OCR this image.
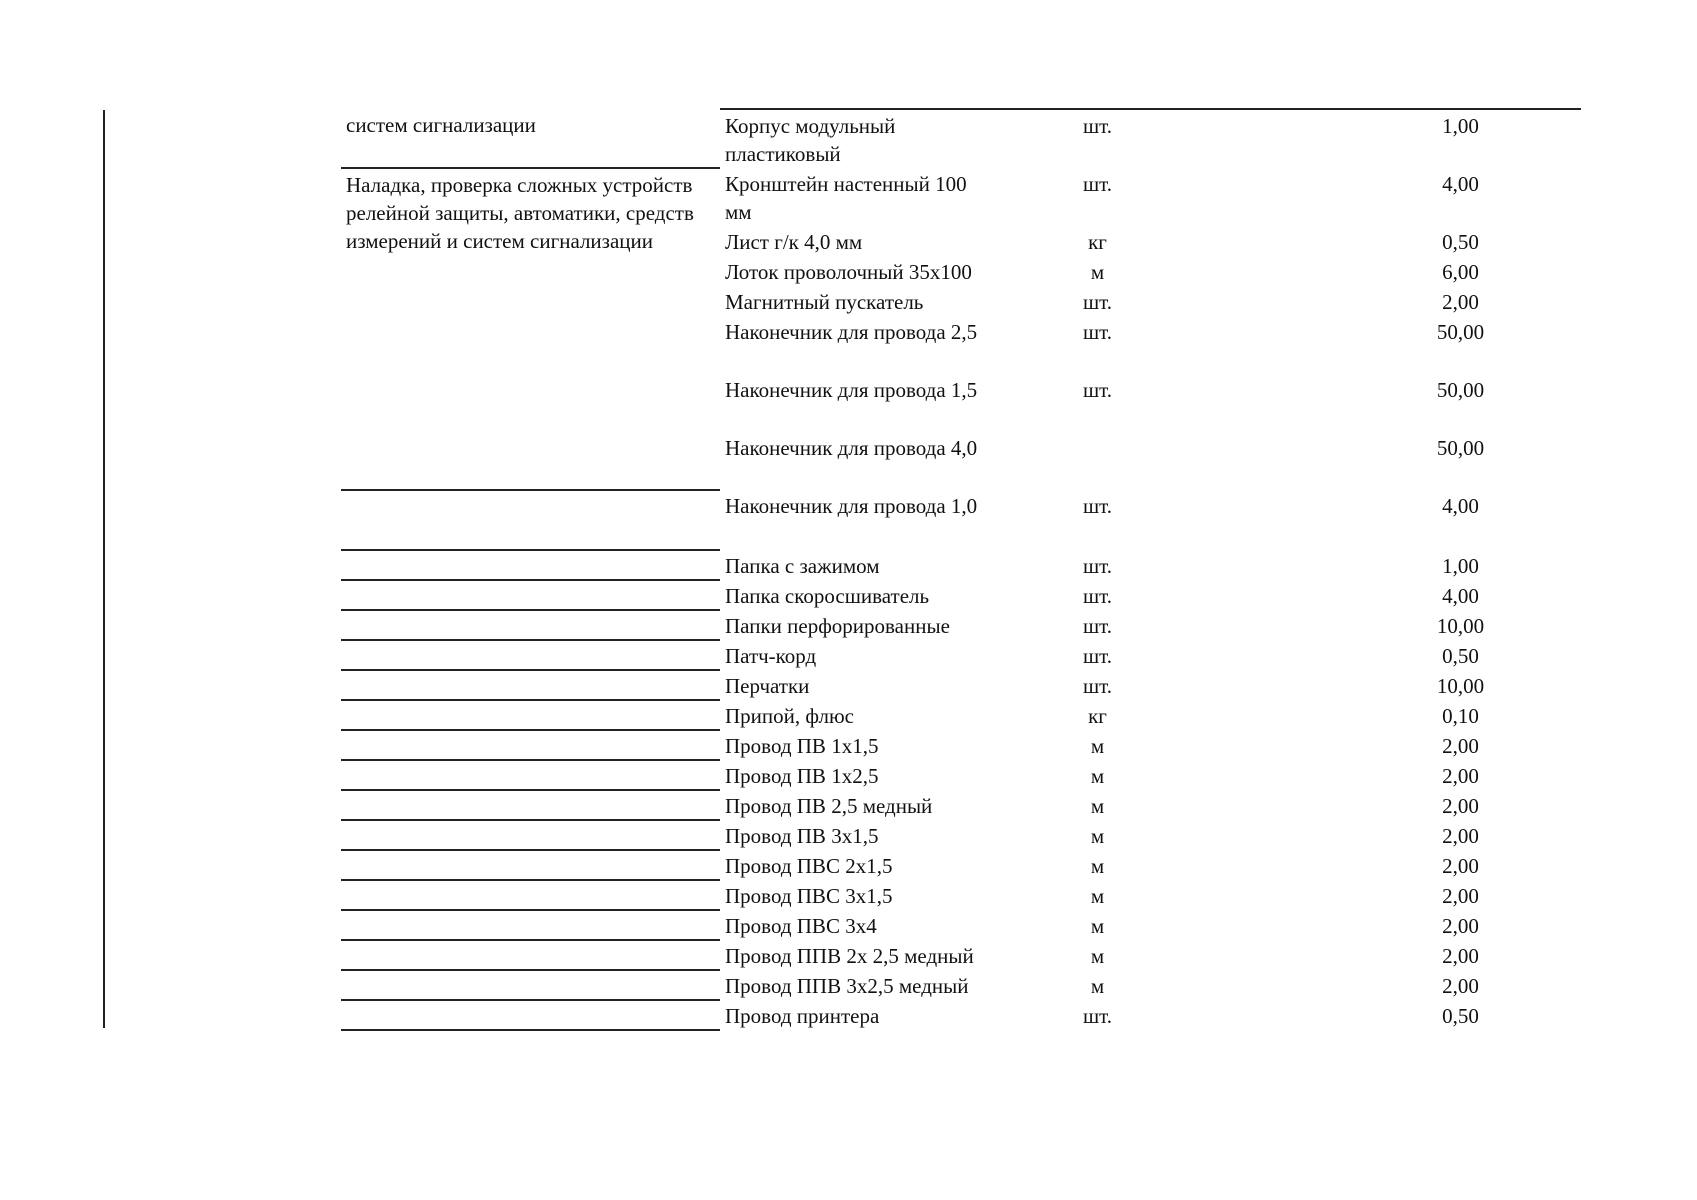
систем сигнализации	Корпус модульный пластиковый	шт.		1,00
Наладка, проверка сложных устройств релейной защиты, автоматики, средств измерений и систем сигнализации	Кронштейн настенный 100 мм	шт.		4,00
	Лист г/к 4,0 мм	кг		0,50
	Лоток проволочный 35х100	м		6,00
	Магнитный пускатель	шт.		2,00
	Наконечник для провода 2,5	шт.		50,00
	Наконечник для провода 1,5	шт.		50,00
	Наконечник для провода 4,0			50,00
	Наконечник для провода 1,0	шт.		4,00
	Папка с зажимом	шт.		1,00
	Папка скоросшиватель	шт.		4,00
	Папки перфорированные	шт.		10,00
	Патч-корд	шт.		0,50
	Перчатки	шт.		10,00
	Припой, флюс	кг		0,10
	Провод ПВ 1х1,5	м		2,00
	Провод ПВ 1х2,5	м		2,00
	Провод ПВ 2,5 медный	м		2,00
	Провод ПВ 3х1,5	м		2,00
	Провод ПВС 2х1,5	м		2,00
	Провод ПВС 3х1,5	м		2,00
	Провод ПВС 3х4	м		2,00
	Провод ППВ 2х 2,5 медный	м		2,00
	Провод ППВ 3х2,5 медный	м		2,00
	Провод принтера	шт.		0,50
